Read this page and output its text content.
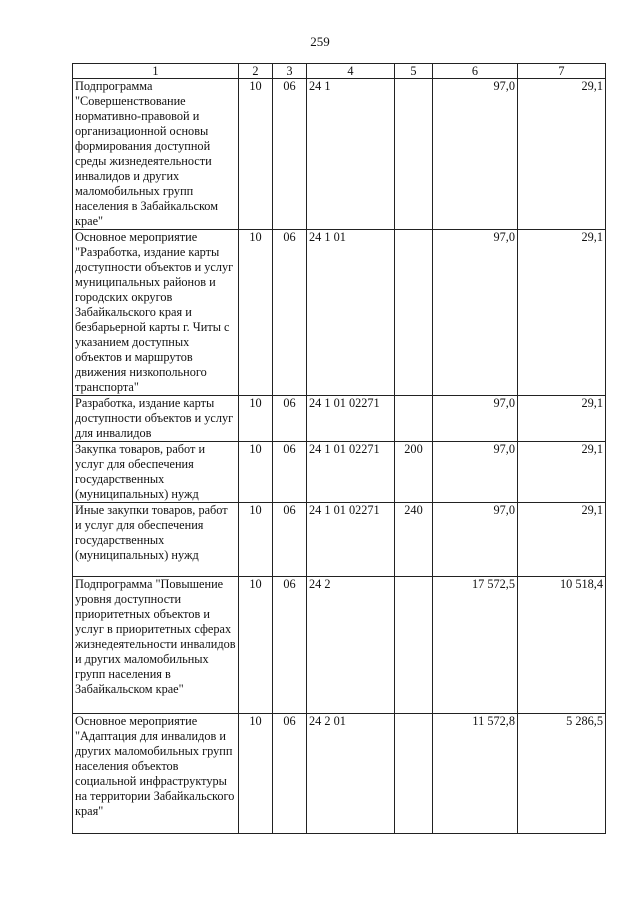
259
1	2	3	4	5	6	7
Подпрограмма "Совершенствование нормативно-правовой и организационной основы формирования доступной среды жизнедеятельности инвалидов и других маломобильных групп населения в Забайкальском крае"	10	06	24 1		97,0	29,1
Основное мероприятие "Разработка, издание карты доступности объектов и услуг муниципальных районов и городских округов Забайкальского края и безбарьерной карты г. Читы с указанием доступных объектов и маршрутов движения низкопольного транспорта"	10	06	24 1 01		97,0	29,1
Разработка, издание карты доступности объектов и услуг для инвалидов	10	06	24 1 01 02271		97,0	29,1
Закупка товаров, работ и услуг для обеспечения государственных (муниципальных) нужд	10	06	24 1 01 02271	200	97,0	29,1
Иные закупки товаров, работ и услуг для обеспечения государственных (муниципальных) нужд	10	06	24 1 01 02271	240	97,0	29,1
Подпрограмма "Повышение уровня доступности приоритетных объектов и услуг в приоритетных сферах жизнедеятельности инвалидов и других маломобильных групп населения в Забайкальском крае"	10	06	24 2		17 572,5	10 518,4
Основное мероприятие "Адаптация для инвалидов и других маломобильных групп населения объектов социальной инфраструктуры на территории Забайкальского края"	10	06	24 2 01		11 572,8	5 286,5
